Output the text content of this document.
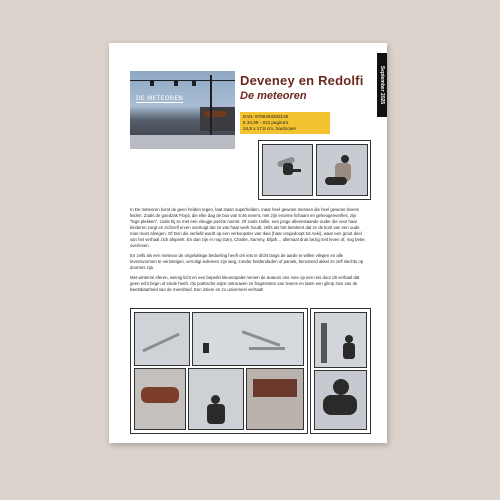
September 2025
DE METEOREN
Deveney en Redolfi
De meteoren
EAN: 9789493283135
€ 34,99 - 312 pagina's
24,8 x 17,8 cm, hardcover

In De meteoren komt de geen helden tegen, laat staan superhelden, maar heel gewone mensen die heel gewone levens leiden. Zoals de goedzak Floyd, die elke dag de bus van 5:46 neemt, met zijn enorme lichaam en geheugenverlies, zijn "lege plekken", zoals hij ze met een vleugje poëzie noemt. Of zoals Hollie, een jonge alleenstaande ouder die voor haar kinderen zorgt en zichzelf erven overtuigt dat ze van haar werk houdt, zelfs als het betekent dat ze de kont van een oude man moet afvegen. Of Don die verliefd wordt op een verkoopster van Ikea (haar omgedoopt tot Aeki), waar een groot deel van het verhaal zich afspeelt. En dan zijn er nog Gary, Charlie, Sammy, Elijah… allemaal druk bezig met leven of, nog beter, overleven.

En zelfs als een meteoor de ongelukkige bedoeling heeft om iets te dicht langs de aarde te willen vliegen en alle levensvormen te vernietigen, verroligt iedereen zijn weg, zonder heldendaden of paniek, berustend akkel ze zelf slechts op doorreis zijn.

Met winterse sferen, weinig licht en een beperkt kleurenpalet nemen de auteurs ons mee op een reis door dit verhaal dat geen echt begin of einde heeft. Op poëtische wijze ontrouwen ze fragmenten van levens en laten een glimp zien van de kwetsbaarheid van de mensheid. Een intiem en zo universeel verhaal!
